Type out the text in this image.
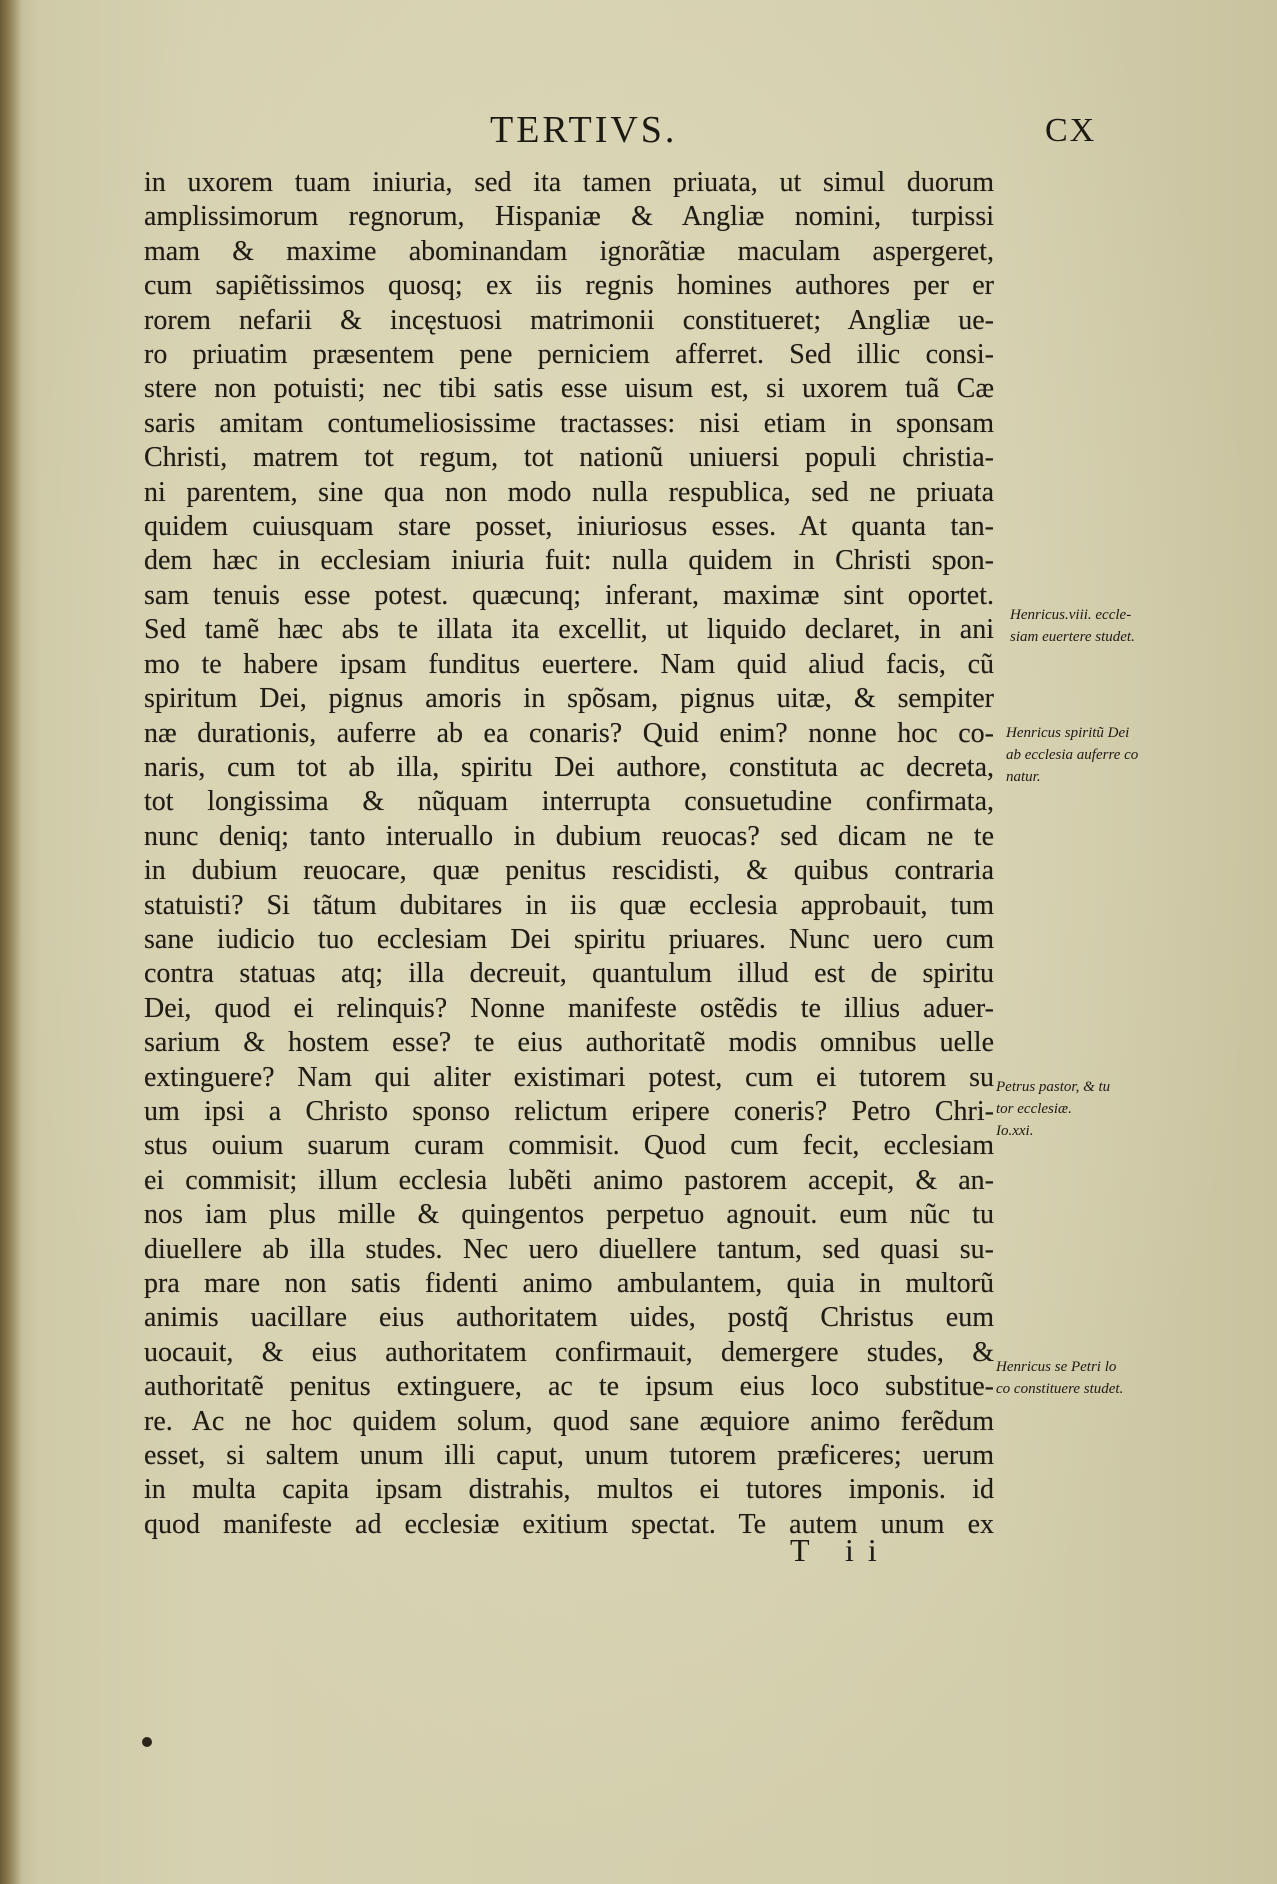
TERTIVS.	CX
in uxorem tuam iniuria, sed ita tamen priuata, ut simul duorum
amplissimorum regnorum, Hispaniæ & Angliæ nomini, turpissi
mam & maxime abominandam ignorãtiæ maculam aspergeret,
cum sapiẽtissimos quosq; ex iis regnis homines authores per er
rorem nefarii & incęstuosi matrimonii constitueret; Angliæ ue-
ro priuatim præsentem pene perniciem afferret. Sed illic consi-
stere non potuisti; nec tibi satis esse uisum est, si uxorem tuã Cæ
saris amitam contumeliosissime tractasses: nisi etiam in sponsam
Christi, matrem tot regum, tot nationũ uniuersi populi christia-
ni parentem, sine qua non modo nulla respublica, sed ne priuata
quidem cuiusquam stare posset, iniuriosus esses. At quanta tan-
dem hæc in ecclesiam iniuria fuit: nulla quidem in Christi spon-
sam tenuis esse potest. quæcunq; inferant, maximæ sint oportet.
Sed tamẽ hæc abs te illata ita excellit, ut liquido declaret, in ani
mo te habere ipsam funditus euertere. Nam quid aliud facis, cũ
spiritum Dei, pignus amoris in spõsam, pignus uitæ, & sempiter
næ durationis, auferre ab ea conaris? Quid enim? nonne hoc co-
naris, cum tot ab illa, spiritu Dei authore, constituta ac decreta,
tot longissima & nũquam interrupta consuetudine confirmata,
nunc deniq; tanto interuallo in dubium reuocas? sed dicam ne te
in dubium reuocare, quæ penitus rescidisti, & quibus contraria
statuisti? Si tãtum dubitares in iis quæ ecclesia approbauit, tum
sane iudicio tuo ecclesiam Dei spiritu priuares. Nunc uero cum
contra statuas atq; illa decreuit, quantulum illud est de spiritu
Dei, quod ei relinquis? Nonne manifeste ostẽdis te illius aduer-
sarium & hostem esse? te eius authoritatẽ modis omnibus uelle
extinguere? Nam qui aliter existimari potest, cum ei tutorem su
um ipsi a Christo sponso relictum eripere coneris? Petro Chri-
stus ouium suarum curam commisit. Quod cum fecit, ecclesiam
ei commisit; illum ecclesia lubẽti animo pastorem accepit, & an-
nos iam plus mille & quingentos perpetuo agnouit. eum nũc tu
diuellere ab illa studes. Nec uero diuellere tantum, sed quasi su-
pra mare non satis fidenti animo ambulantem, quia in multorũ
animis uacillare eius authoritatem uides, postq̃ Christus eum
uocauit, & eius authoritatem confirmauit, demergere studes, &
authoritatẽ penitus extinguere, ac te ipsum eius loco substitue-
re. Ac ne hoc quidem solum, quod sane æquiore animo ferẽdum
esset, si saltem unum illi caput, unum tutorem præficeres; uerum
in multa capita ipsam distrahis, multos ei tutores imponis. id
quod manifeste ad ecclesiæ exitium spectat. Te autem unum ex
T ii
Henricus.viii. eccle-
siam euertere studet.
Henricus spiritũ Dei
ab ecclesia auferre co
natur.
Petrus pastor, & tu
tor ecclesiæ.
Io.xxi.
Henricus se Petri lo
co constituere studet.
